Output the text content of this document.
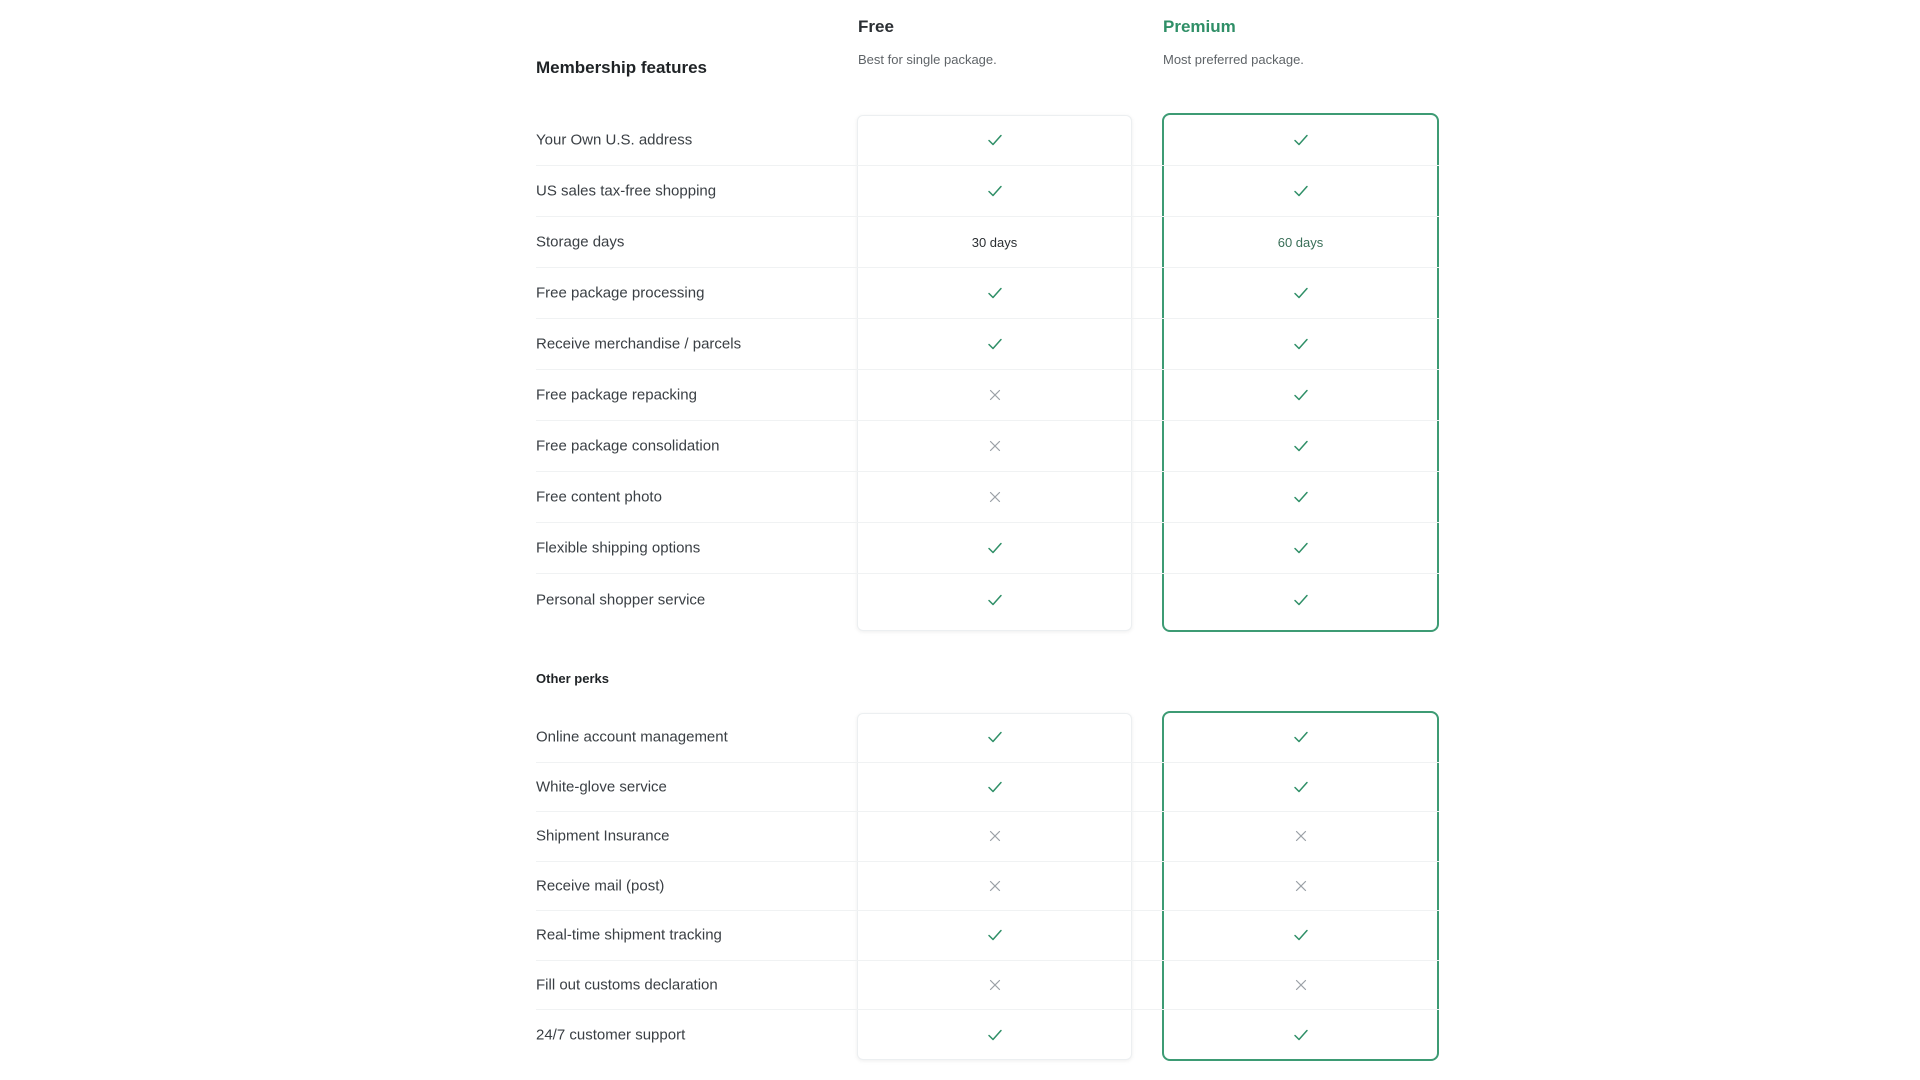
Free
Best for single package.
Premium
Most preferred package.
Membership features
Your Own U.S. address
US sales tax-free shopping
Storage days	30 days	60 days
Free package processing
Receive merchandise / parcels
Free package repacking
Free package consolidation
Free content photo
Flexible shipping options
Personal shopper service
Other perks
Online account management
White-glove service
Shipment Insurance
Receive mail (post)
Real-time shipment tracking
Fill out customs declaration
24/7 customer support
